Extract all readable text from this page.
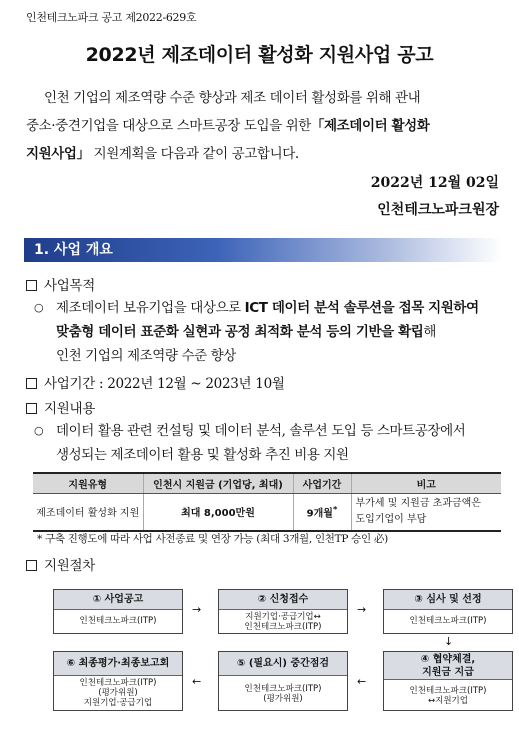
인천테크노파크 공고 제2022-629호
2022년 제조데이터 활성화 지원사업 공고

인천 기업의 제조역량 수준 향상과 제조 데이터 활성화를 위해 관내

중소·중견기업을 대상으로 스마트공장 도입을 위한「제조데이터 활성화

지원사업」 지원계획을 다음과 같이 공고합니다.

2022년 12월 02일
인천테크노파크원장
1. 사업 개요
사업목적
○ 제조데이터 보유기업을 대상으로 ICT 데이터 분석 솔루션을 접목 지원하여
맞춤형 데이터 표준화 실현과 공정 최적화 분석 등의 기반을 확립해
인천 기업의 제조역량 수준 향상
사업기간 : 2022년 12월 ~ 2023년 10월
지원내용
○ 데이터 활용 관련 컨설팅 및 데이터 분석, 솔루션 도입 등 스마트공장에서
생성되는 제조데이터 활용 및 활성화 추진 비용 지원
지원유형	인천시 지원금 (기업당, 최대)	사업기간	비고
제조데이터 활성화 지원	최대 8,000만원	9개월*	부가세 및 지원금 초과금액은
도입기업이 부담
* 구축 진행도에 따라 사업 사전종료 및 연장 가능 (최대 3개월, 인천TP 승인 必)
지원절차
① 사업공고
인천테크노파크(ITP)
→
② 신청접수
지원기업·공급기업↔
인천테크노파크(ITP)
→
③ 심사 및 선정
인천테크노파크(ITP)
↓
⑥ 최종평가·최종보고회
인천테크노파크(ITP)
(평가위원)
지원기업·공급기업
←
⑤ (필요시) 중간점검
인천테크노파크(ITP)
(평가위원)
←
④ 협약체결,
지원금 지급
인천테크노파크(ITP)
↔지원기업
